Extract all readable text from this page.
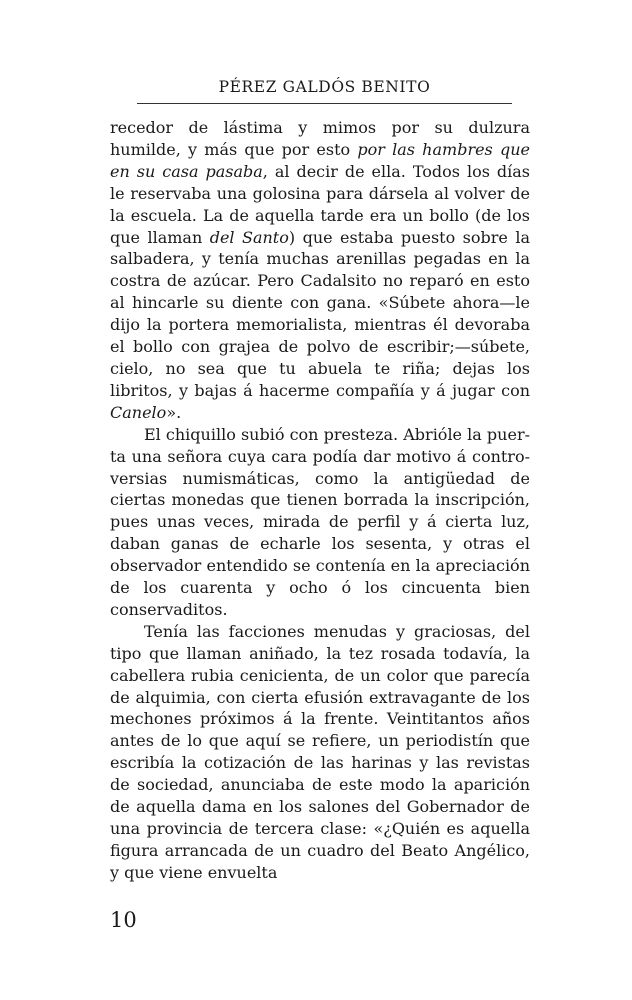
PÉREZ GALDÓS BENITO

recedor de lástima y mimos por su dulzura humilde, y más que por esto por las hambres que en su casa pasaba, al decir de ella. Todos los días le reservaba una golosina para dársela al volver de la escuela. La de aquella tarde era un bollo (de los que llaman del Santo) que estaba puesto sobre la salbadera, y tenía muchas arenillas pegadas en la costra de azúcar. Pero Cadalsito no reparó en esto al hincarle su diente con gana. «Súbete ahora—le dijo la portera memorialista, mientras él devoraba el bollo con grajea de polvo de escribir;—súbete, cielo, no sea que tu abuela te riña; dejas los libritos, y bajas á hacerme compañía y á jugar con Canelo».

El chiquillo subió con presteza. Abrióle la puerta una señora cuya cara podía dar motivo á controversias numismáticas, como la antigüedad de ciertas monedas que tienen borrada la inscripción, pues unas veces, mirada de perfil y á cierta luz, daban ganas de echarle los sesenta, y otras el observador entendido se contenía en la apreciación de los cuarenta y ocho ó los cincuenta bien conservaditos.

Tenía las facciones menudas y graciosas, del tipo que llaman aniñado, la tez rosada todavía, la cabellera rubia cenicienta, de un color que parecía de alquimia, con cierta efusión extravagante de los mechones próximos á la frente. Veintitantos años antes de lo que aquí se refiere, un periodistín que escribía la cotización de las harinas y las revistas de sociedad, anunciaba de este modo la aparición de aquella dama en los salones del Gobernador de una provincia de tercera clase: «¿Quién es aquella figura arrancada de un cuadro del Beato Angélico, y que viene envuelta

10
